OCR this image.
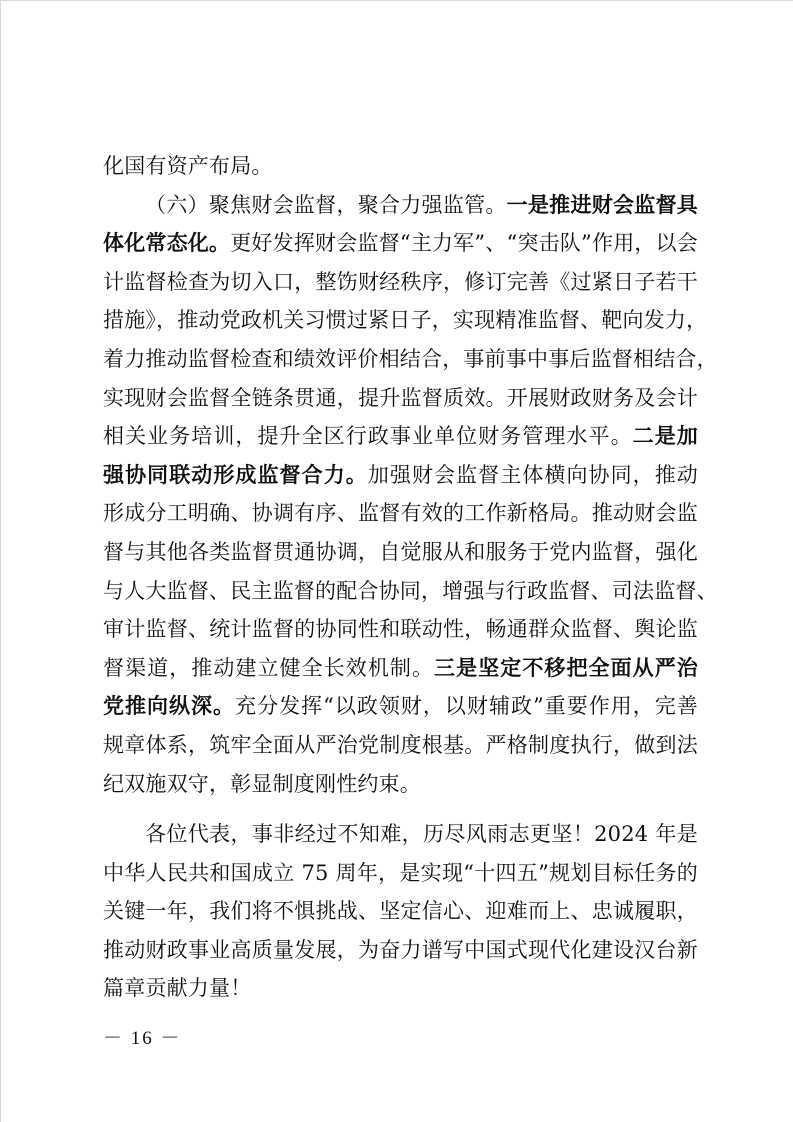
化国有资产布局。
（六）聚焦财会监督，聚合力强监管。一是推进财会监督具
体化常态化。更好发挥财会监督“主力军”、“突击队”作用，以会
计监督检查为切入口，整饬财经秩序，修订完善《过紧日子若干
措施》，推动党政机关习惯过紧日子，实现精准监督、靶向发力，
着力推动监督检查和绩效评价相结合，事前事中事后监督相结合，
实现财会监督全链条贯通，提升监督质效。开展财政财务及会计
相关业务培训，提升全区行政事业单位财务管理水平。二是加
强协同联动形成监督合力。加强财会监督主体横向协同，推动
形成分工明确、协调有序、监督有效的工作新格局。推动财会监
督与其他各类监督贯通协调，自觉服从和服务于党内监督，强化
与人大监督、民主监督的配合协同，增强与行政监督、司法监督、
审计监督、统计监督的协同性和联动性，畅通群众监督、舆论监
督渠道，推动建立健全长效机制。三是坚定不移把全面从严治
党推向纵深。充分发挥“以政领财，以财辅政”重要作用，完善
规章体系，筑牢全面从严治党制度根基。严格制度执行，做到法
纪双施双守，彰显制度刚性约束。
各位代表，事非经过不知难，历尽风雨志更坚！2024 年是
中华人民共和国成立 75 周年，是实现“十四五”规划目标任务的
关键一年，我们将不惧挑战、坚定信心、迎难而上、忠诚履职，
推动财政事业高质量发展，为奋力谱写中国式现代化建设汉台新
篇章贡献力量！
－ 16 －
